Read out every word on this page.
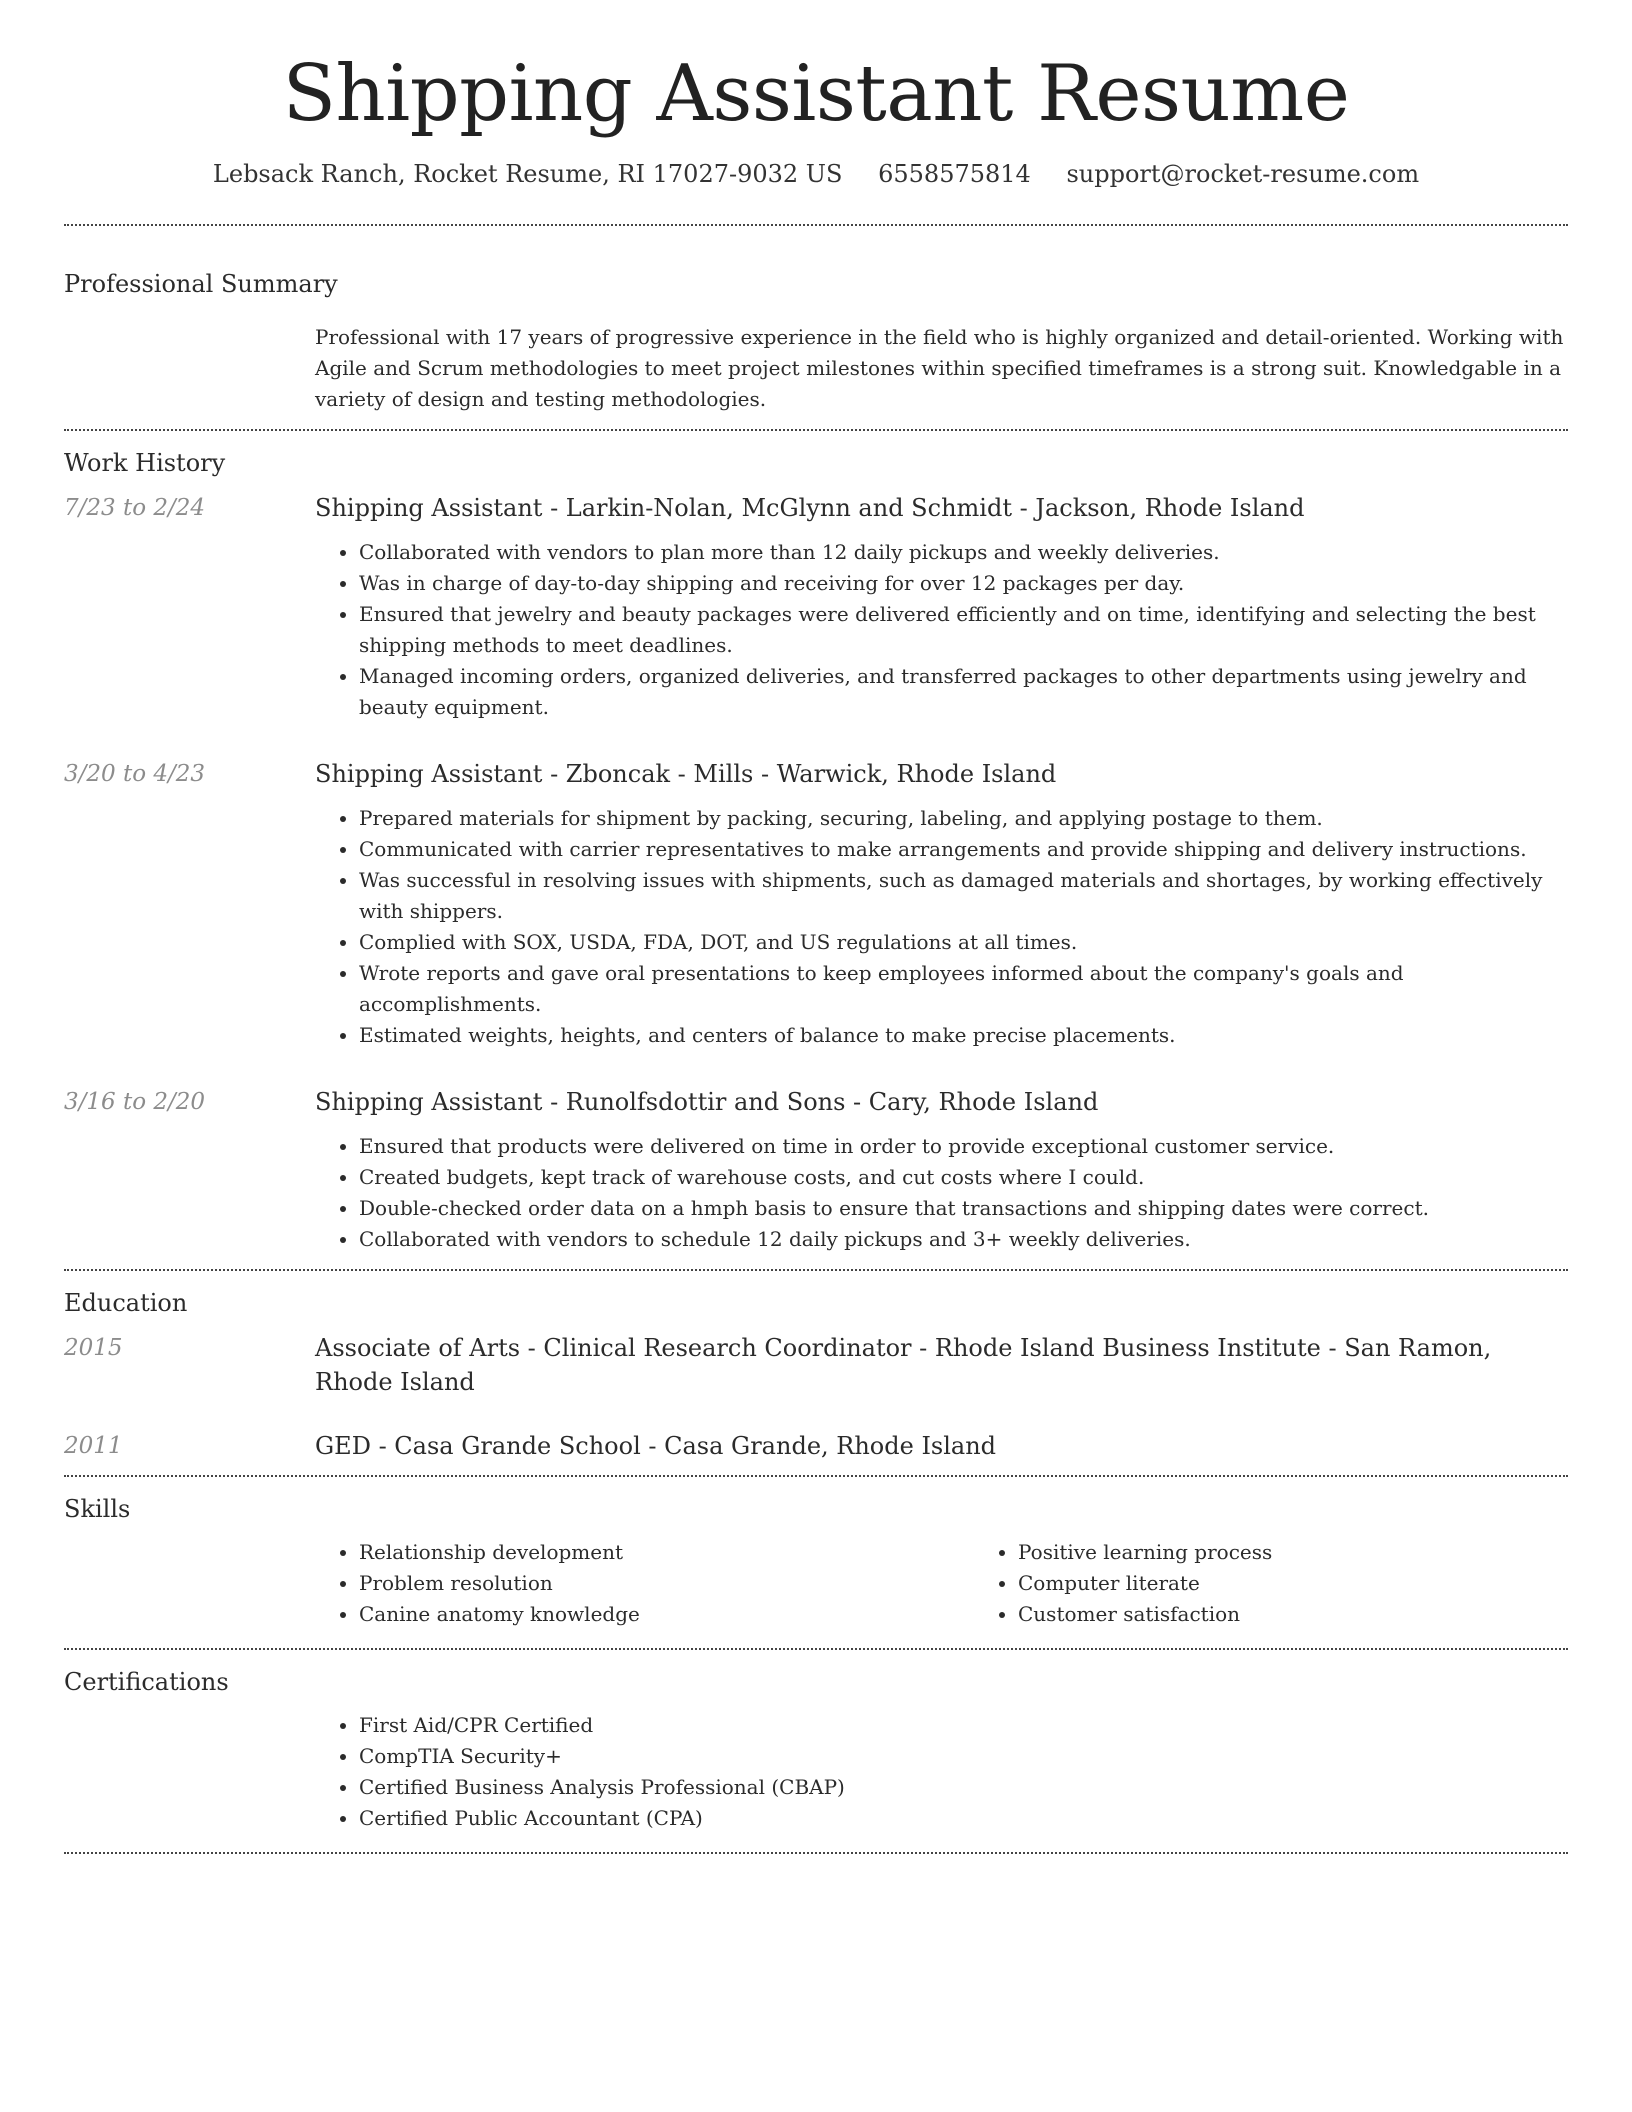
Shipping Assistant Resume
Lebsack Ranch, Rocket Resume, RI 17027-9032 US 6558575814 support@rocket-resume.com
Professional Summary
Professional with 17 years of progressive experience in the field who is highly organized and detail-oriented. Working with Agile and Scrum methodologies to meet project milestones within specified timeframes is a strong suit. Knowledgable in a variety of design and testing methodologies.
Work History
7/23 to 2/24	Shipping Assistant - Larkin-Nolan, McGlynn and Schmidt - Jackson, Rhode Island
• Collaborated with vendors to plan more than 12 daily pickups and weekly deliveries.
• Was in charge of day-to-day shipping and receiving for over 12 packages per day.
• Ensured that jewelry and beauty packages were delivered efficiently and on time, identifying and selecting the best shipping methods to meet deadlines.
• Managed incoming orders, organized deliveries, and transferred packages to other departments using jewelry and beauty equipment.
3/20 to 4/23	Shipping Assistant - Zboncak - Mills - Warwick, Rhode Island
• Prepared materials for shipment by packing, securing, labeling, and applying postage to them.
• Communicated with carrier representatives to make arrangements and provide shipping and delivery instructions.
• Was successful in resolving issues with shipments, such as damaged materials and shortages, by working effectively with shippers.
• Complied with SOX, USDA, FDA, DOT, and US regulations at all times.
• Wrote reports and gave oral presentations to keep employees informed about the company's goals and accomplishments.
• Estimated weights, heights, and centers of balance to make precise placements.
3/16 to 2/20	Shipping Assistant - Runolfsdottir and Sons - Cary, Rhode Island
• Ensured that products were delivered on time in order to provide exceptional customer service.
• Created budgets, kept track of warehouse costs, and cut costs where I could.
• Double-checked order data on a hmph basis to ensure that transactions and shipping dates were correct.
• Collaborated with vendors to schedule 12 daily pickups and 3+ weekly deliveries.
Education
2015	Associate of Arts - Clinical Research Coordinator - Rhode Island Business Institute - San Ramon, Rhode Island
2011	GED - Casa Grande School - Casa Grande, Rhode Island
Skills
• Relationship development
• Problem resolution
• Canine anatomy knowledge
• Positive learning process
• Computer literate
• Customer satisfaction
Certifications
• First Aid/CPR Certified
• CompTIA Security+
• Certified Business Analysis Professional (CBAP)
• Certified Public Accountant (CPA)
